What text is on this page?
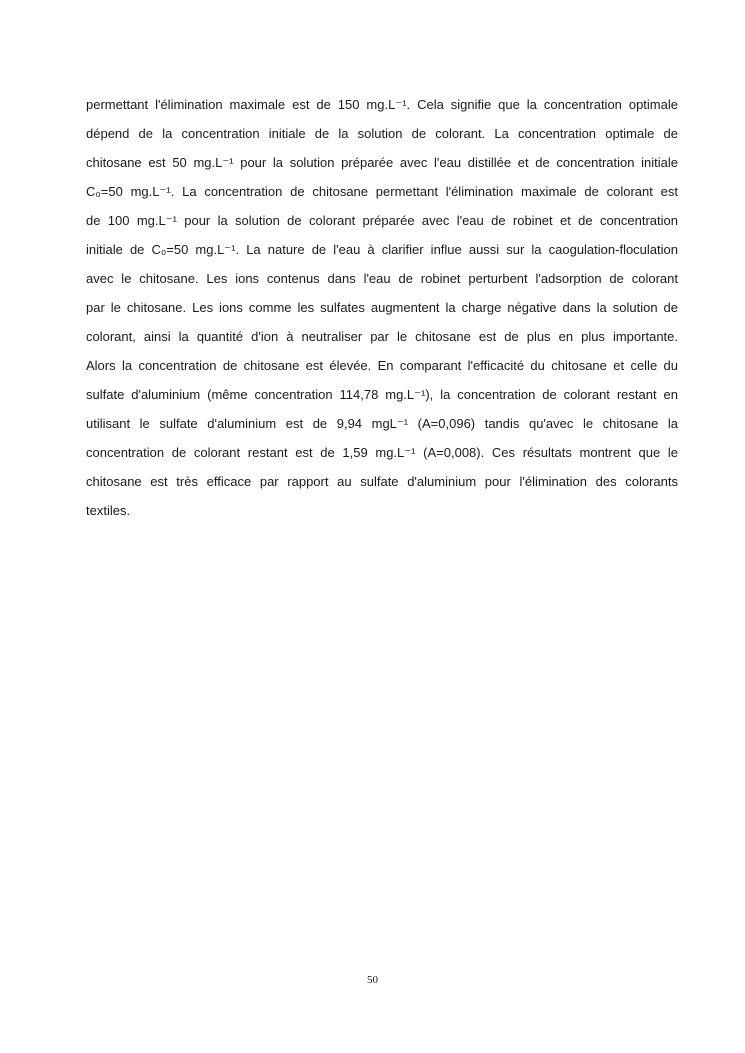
permettant l'élimination maximale est de 150 mg.L⁻¹. Cela signifie que la concentration optimale
dépend de la concentration initiale de la solution de colorant. La concentration optimale de
chitosane est 50 mg.L⁻¹ pour la solution préparée avec l'eau distillée et de concentration initiale
C₀=50 mg.L⁻¹. La concentration de chitosane permettant l'élimination maximale de colorant est
de 100 mg.L⁻¹ pour la solution de colorant préparée avec l'eau de robinet et de concentration
initiale de C₀=50 mg.L⁻¹. La nature de l'eau à clarifier influe aussi sur la caogulation-floculation
avec le chitosane. Les ions contenus dans l'eau de robinet perturbent l'adsorption de colorant
par le chitosane. Les ions comme les sulfates augmentent la charge négative dans la solution de
colorant, ainsi la quantité d'ion à neutraliser par le chitosane est de plus en plus importante.
Alors la concentration de chitosane est élevée. En comparant l'efficacité du chitosane et celle du
sulfate d'aluminium (même concentration 114,78 mg.L⁻¹), la concentration de colorant restant en
utilisant le sulfate d'aluminium est de 9,94 mgL⁻¹ (A=0,096) tandis qu'avec le chitosane la
concentration de colorant restant est de 1,59 mg.L⁻¹ (A=0,008). Ces résultats montrent que le
chitosane est très efficace par rapport au sulfate d'aluminium pour l'élimination des colorants
textiles.
50
